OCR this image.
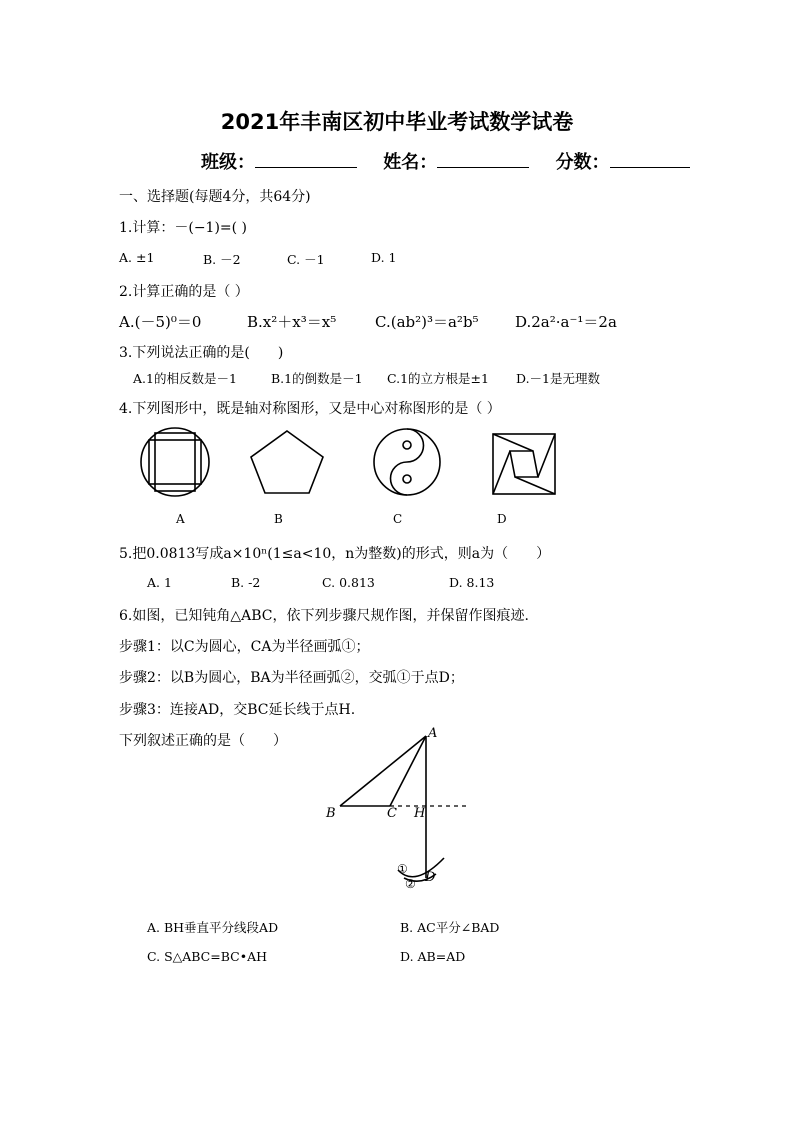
2021年丰南区初中毕业考试数学试卷
班级：	姓名：	分数：
一、选择题(每题4分，共64分)
1.计算：－(−1)=( )
A. ±1	B. －2	C. －1	D. 1
2.计算正确的是（ ）
A.(－5)⁰＝0	B.x²＋x³＝x⁵	C.(ab²)³＝a²b⁵ D.2a²·a⁻¹＝2a
3.下列说法正确的是(　　)
A.1的相反数是－1	B.1的倒数是－1 C.1的立方根是±1 D.－1是无理数
4.下列图形中，既是轴对称图形，又是中心对称图形的是（ ）
A	B	C	D
5.把0.0813写成a×10ⁿ(1≤a<10，n为整数)的形式，则a为（　　）
A. 1	B. -2	C. 0.813	D. 8.13
6.如图，已知钝角△ABC，依下列步骤尺规作图，并保留作图痕迹.
步骤1：以C为圆心，CA为半径画弧①；
步骤2：以B为圆心，BA为半径画弧②，交弧①于点D；
步骤3：连接AD，交BC延长线于点H.
下列叙述正确的是（　　）	A
B	C H
D
①
②
A. BH垂直平分线段AD	B. AC平分∠BAD
C. S△ABC=BC•AH	D. AB=AD
